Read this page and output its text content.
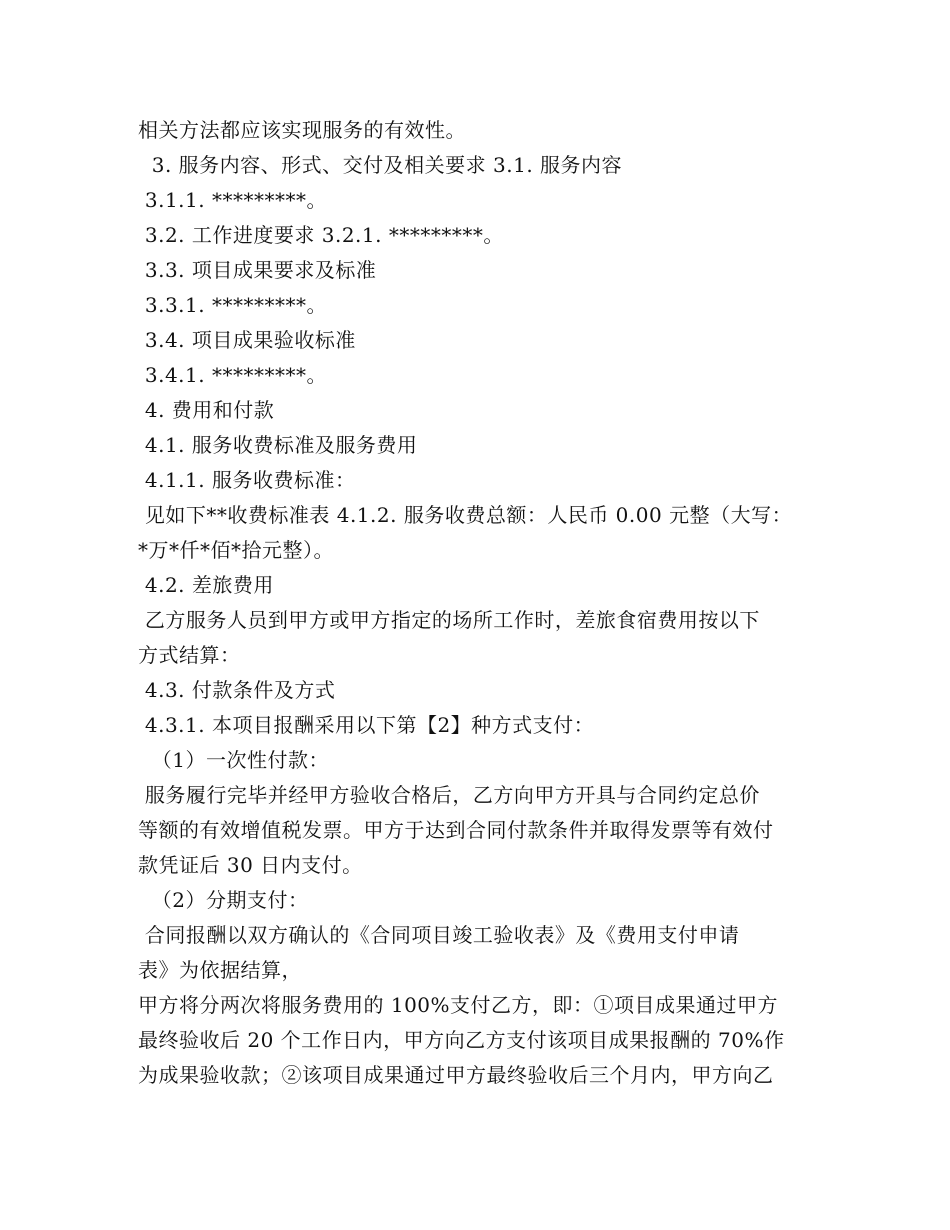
相关方法都应该实现服务的有效性。
3. 服务内容、形式、交付及相关要求 3.1. 服务内容
3.1.1. *********。
3.2. 工作进度要求 3.2.1. *********。
3.3. 项目成果要求及标准
3.3.1. *********。
3.4. 项目成果验收标准
3.4.1. *********。
4. 费用和付款
4.1. 服务收费标准及服务费用
4.1.1. 服务收费标准：
见如下**收费标准表 4.1.2. 服务收费总额：人民币 0.00 元整（大写：
*万*仟*佰*拾元整）。
4.2. 差旅费用
乙方服务人员到甲方或甲方指定的场所工作时，差旅食宿费用按以下
方式结算：
4.3. 付款条件及方式
4.3.1. 本项目报酬采用以下第【2】种方式支付：
（1）一次性付款：
服务履行完毕并经甲方验收合格后，乙方向甲方开具与合同约定总价
等额的有效增值税发票。甲方于达到合同付款条件并取得发票等有效付
款凭证后 30 日内支付。
（2）分期支付：
合同报酬以双方确认的《合同项目竣工验收表》及《费用支付申请
表》为依据结算，
甲方将分两次将服务费用的 100%支付乙方，即：①项目成果通过甲方
最终验收后 20 个工作日内，甲方向乙方支付该项目成果报酬的 70%作
为成果验收款；②该项目成果通过甲方最终验收后三个月内，甲方向乙
